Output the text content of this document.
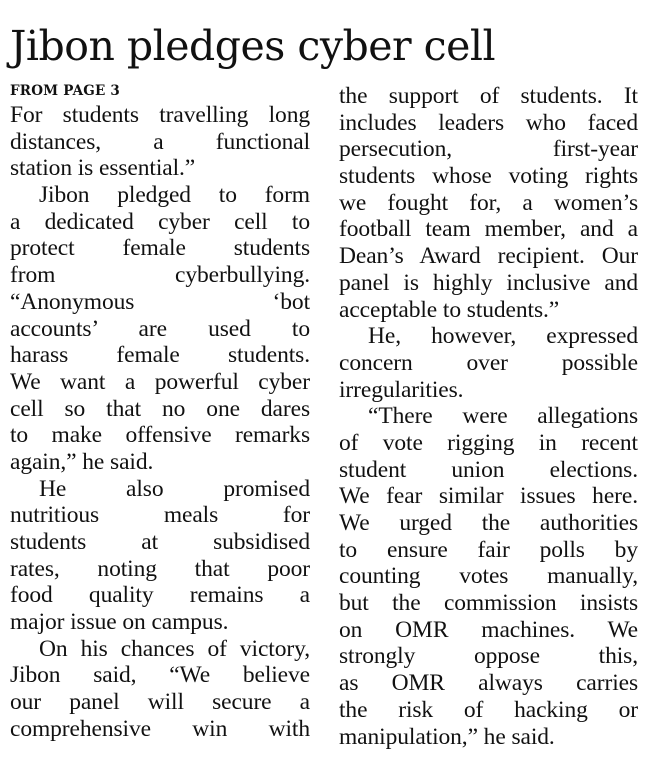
Jibon pledges cyber cell
FROM PAGE 3
For students travelling long
distances, a functional
station is essential.”
Jibon pledged to form
a dedicated cyber cell to
protect female students
from cyberbullying.
“Anonymous ‘bot
accounts’ are used to
harass female students.
We want a powerful cyber
cell so that no one dares
to make offensive remarks
again,” he said.
He also promised
nutritious meals for
students at subsidised
rates, noting that poor
food quality remains a
major issue on campus.
On his chances of victory,
Jibon said, “We believe
our panel will secure a
comprehensive win with
the support of students. It
includes leaders who faced
persecution, first-year
students whose voting rights
we fought for, a women’s
football team member, and a
Dean’s Award recipient. Our
panel is highly inclusive and
acceptable to students.”
He, however, expressed
concern over possible
irregularities.
“There were allegations
of vote rigging in recent
student union elections.
We fear similar issues here.
We urged the authorities
to ensure fair polls by
counting votes manually,
but the commission insists
on OMR machines. We
strongly oppose this,
as OMR always carries
the risk of hacking or
manipulation,” he said.
